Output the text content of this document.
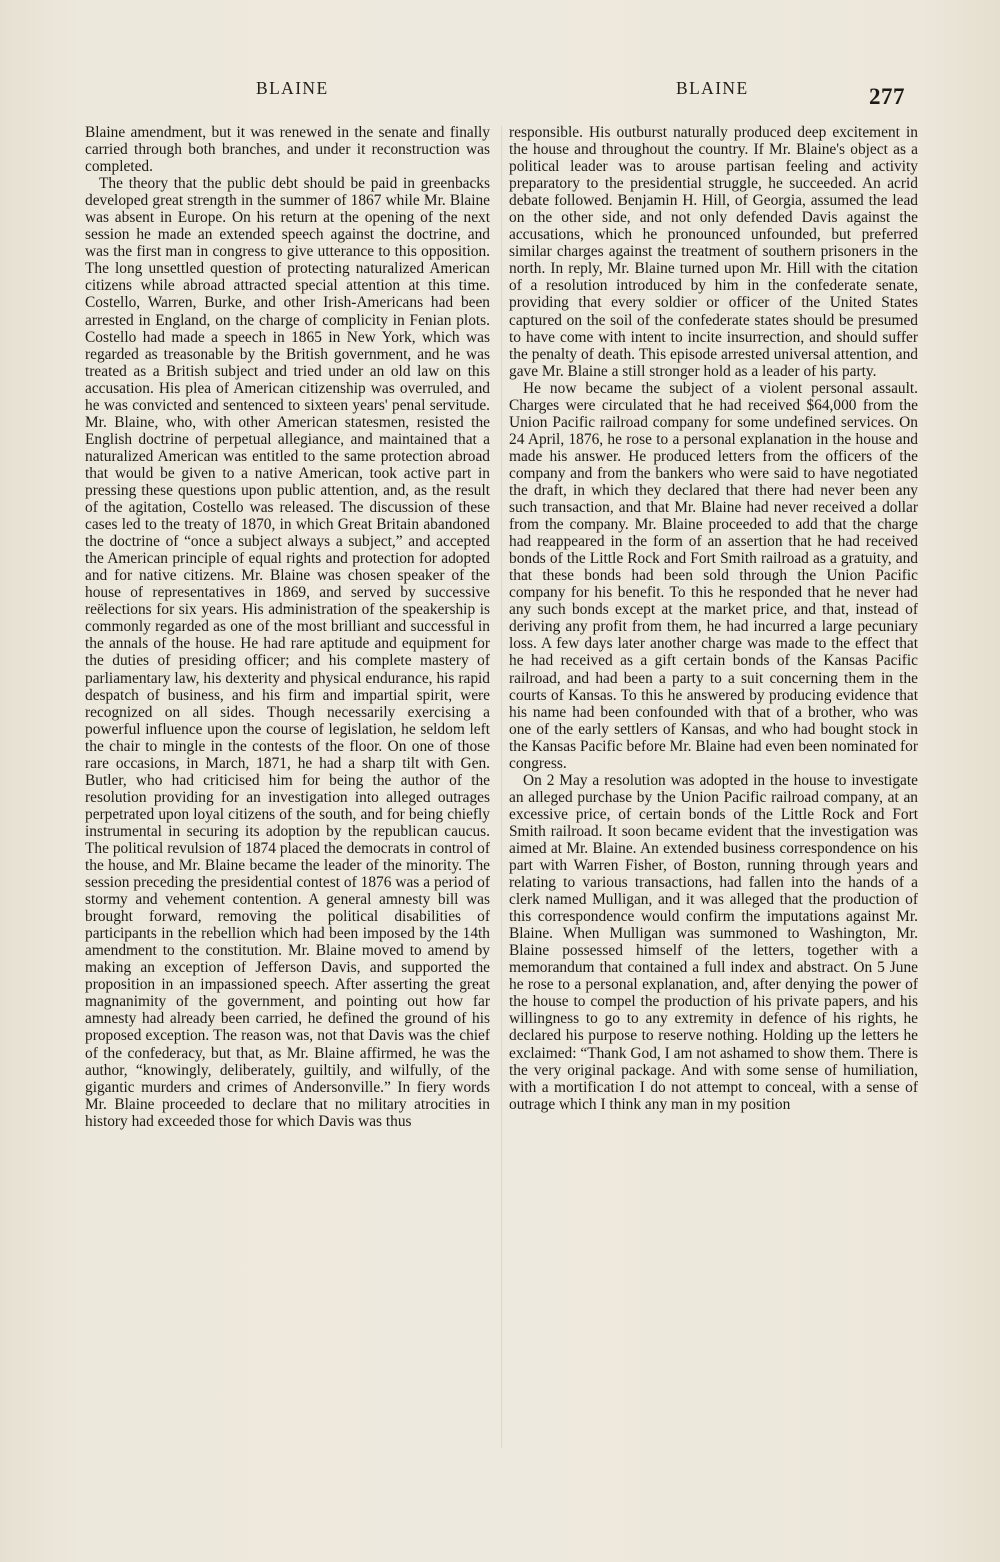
BLAINE	BLAINE	277

Blaine amendment, but it was renewed in the senate and finally carried through both branches, and under it reconstruction was completed.

The theory that the public debt should be paid in greenbacks developed great strength in the summer of 1867 while Mr. Blaine was absent in Europe. On his return at the opening of the next session he made an extended speech against the doctrine, and was the first man in congress to give utterance to this opposition. The long unsettled question of protecting naturalized American citizens while abroad attracted special attention at this time. Costello, Warren, Burke, and other Irish-Americans had been arrested in England, on the charge of complicity in Fenian plots. Costello had made a speech in 1865 in New York, which was regarded as treasonable by the British government, and he was treated as a British subject and tried under an old law on this accusation. His plea of American citizenship was overruled, and he was convicted and sentenced to sixteen years' penal servitude. Mr. Blaine, who, with other American statesmen, resisted the English doctrine of perpetual allegiance, and maintained that a naturalized American was entitled to the same protection abroad that would be given to a native American, took active part in pressing these questions upon public attention, and, as the result of the agitation, Costello was released. The discussion of these cases led to the treaty of 1870, in which Great Britain abandoned the doctrine of “once a subject always a subject,” and accepted the American principle of equal rights and protection for adopted and for native citizens. Mr. Blaine was chosen speaker of the house of representatives in 1869, and served by successive reëlections for six years. His administration of the speakership is commonly regarded as one of the most brilliant and successful in the annals of the house. He had rare aptitude and equipment for the duties of presiding officer; and his complete mastery of parliamentary law, his dexterity and physical endurance, his rapid despatch of business, and his firm and impartial spirit, were recognized on all sides. Though necessarily exercising a powerful influence upon the course of legislation, he seldom left the chair to mingle in the contests of the floor. On one of those rare occasions, in March, 1871, he had a sharp tilt with Gen. Butler, who had criticised him for being the author of the resolution providing for an investigation into alleged outrages perpetrated upon loyal citizens of the south, and for being chiefly instrumental in securing its adoption by the republican caucus. The political revulsion of 1874 placed the democrats in control of the house, and Mr. Blaine became the leader of the minority. The session preceding the presidential contest of 1876 was a period of stormy and vehement contention. A general amnesty bill was brought forward, removing the political disabilities of participants in the rebellion which had been imposed by the 14th amendment to the constitution. Mr. Blaine moved to amend by making an exception of Jefferson Davis, and supported the proposition in an impassioned speech. After asserting the great magnanimity of the government, and pointing out how far amnesty had already been carried, he defined the ground of his proposed exception. The reason was, not that Davis was the chief of the confederacy, but that, as Mr. Blaine affirmed, he was the author, “knowingly, deliberately, guiltily, and wilfully, of the gigantic murders and crimes of Andersonville.” In fiery words Mr. Blaine proceeded to declare that no military atrocities in history had exceeded those for which Davis was thus

responsible. His outburst naturally produced deep excitement in the house and throughout the country. If Mr. Blaine's object as a political leader was to arouse partisan feeling and activity preparatory to the presidential struggle, he succeeded. An acrid debate followed. Benjamin H. Hill, of Georgia, assumed the lead on the other side, and not only defended Davis against the accusations, which he pronounced unfounded, but preferred similar charges against the treatment of southern prisoners in the north. In reply, Mr. Blaine turned upon Mr. Hill with the citation of a resolution introduced by him in the confederate senate, providing that every soldier or officer of the United States captured on the soil of the confederate states should be presumed to have come with intent to incite insurrection, and should suffer the penalty of death. This episode arrested universal attention, and gave Mr. Blaine a still stronger hold as a leader of his party.

He now became the subject of a violent personal assault. Charges were circulated that he had received $64,000 from the Union Pacific railroad company for some undefined services. On 24 April, 1876, he rose to a personal explanation in the house and made his answer. He produced letters from the officers of the company and from the bankers who were said to have negotiated the draft, in which they declared that there had never been any such transaction, and that Mr. Blaine had never received a dollar from the company. Mr. Blaine proceeded to add that the charge had reappeared in the form of an assertion that he had received bonds of the Little Rock and Fort Smith railroad as a gratuity, and that these bonds had been sold through the Union Pacific company for his benefit. To this he responded that he never had any such bonds except at the market price, and that, instead of deriving any profit from them, he had incurred a large pecuniary loss. A few days later another charge was made to the effect that he had received as a gift certain bonds of the Kansas Pacific railroad, and had been a party to a suit concerning them in the courts of Kansas. To this he answered by producing evidence that his name had been confounded with that of a brother, who was one of the early settlers of Kansas, and who had bought stock in the Kansas Pacific before Mr. Blaine had even been nominated for congress.

On 2 May a resolution was adopted in the house to investigate an alleged purchase by the Union Pacific railroad company, at an excessive price, of certain bonds of the Little Rock and Fort Smith railroad. It soon became evident that the investigation was aimed at Mr. Blaine. An extended business correspondence on his part with Warren Fisher, of Boston, running through years and relating to various transactions, had fallen into the hands of a clerk named Mulligan, and it was alleged that the production of this correspondence would confirm the imputations against Mr. Blaine. When Mulligan was summoned to Washington, Mr. Blaine possessed himself of the letters, together with a memorandum that contained a full index and abstract. On 5 June he rose to a personal explanation, and, after denying the power of the house to compel the production of his private papers, and his willingness to go to any extremity in defence of his rights, he declared his purpose to reserve nothing. Holding up the letters he exclaimed: “Thank God, I am not ashamed to show them. There is the very original package. And with some sense of humiliation, with a mortification I do not attempt to conceal, with a sense of outrage which I think any man in my position
